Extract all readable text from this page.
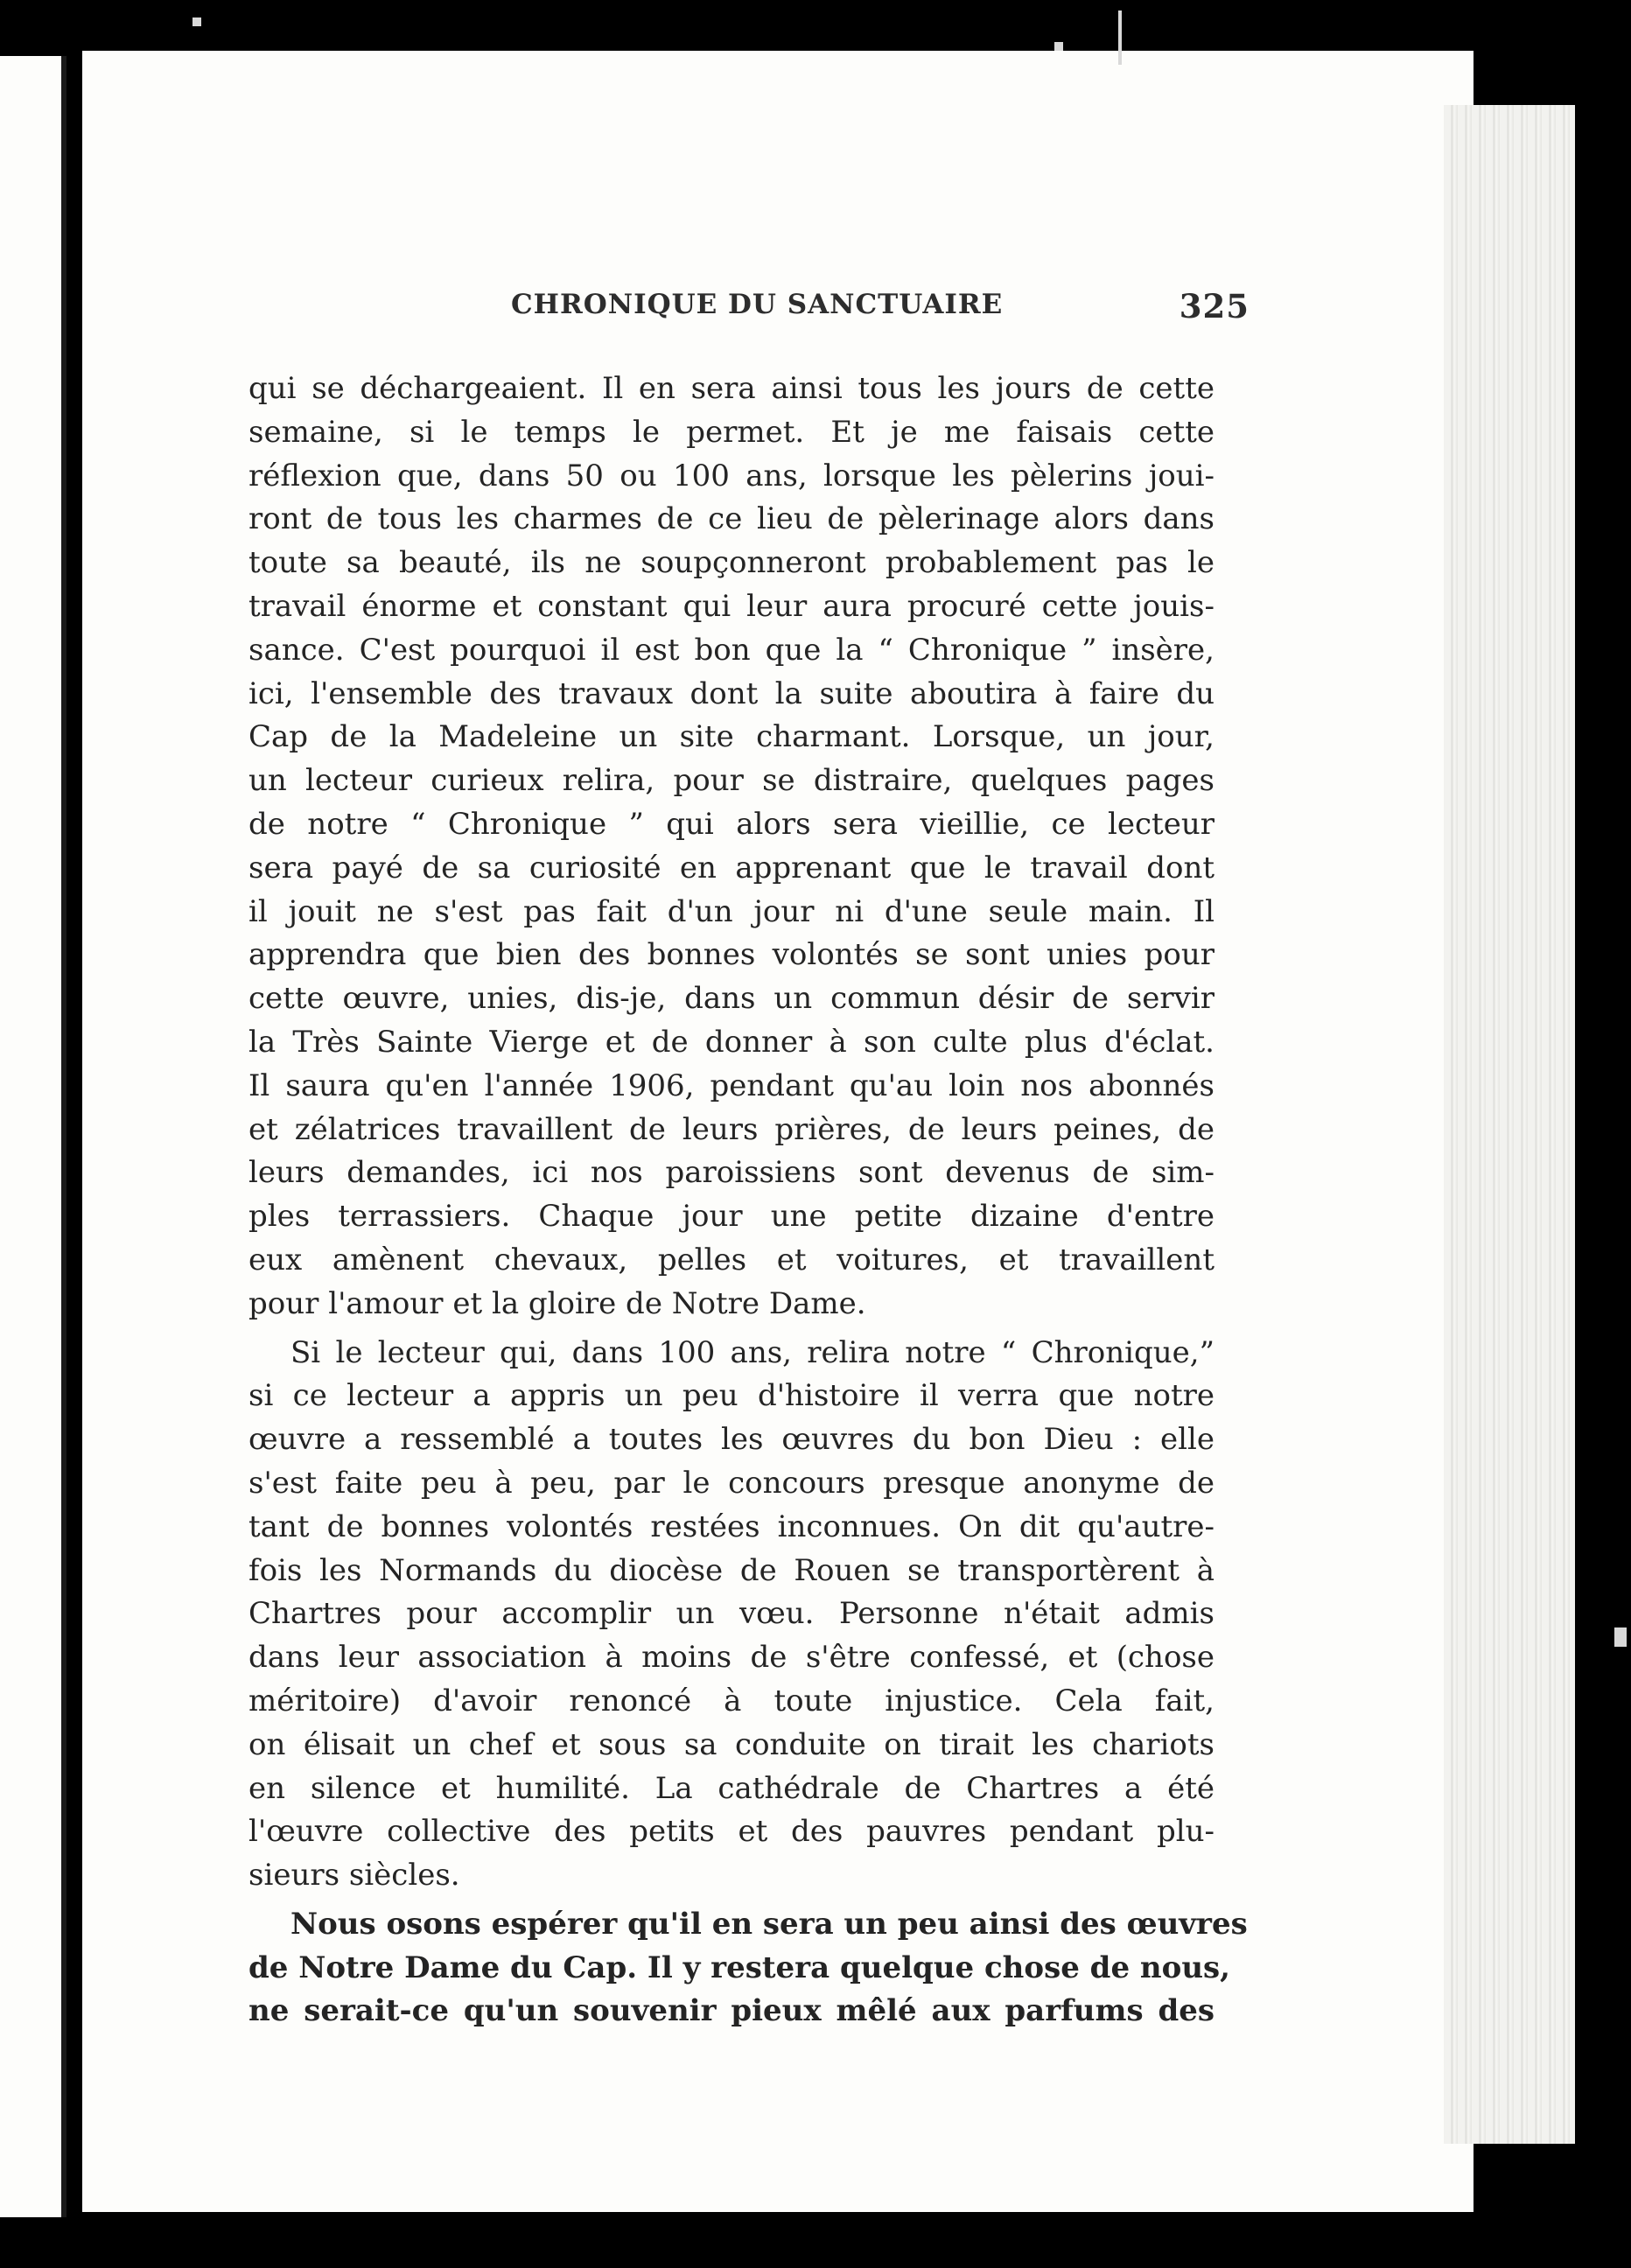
CHRONIQUE DU SANCTUAIRE	325

qui se déchargeaient. Il en sera ainsi tous les jours de cette
semaine, si le temps le permet. Et je me faisais cette
réflexion que, dans 50 ou 100 ans, lorsque les pèlerins joui-
ront de tous les charmes de ce lieu de pèlerinage alors dans
toute sa beauté, ils ne soupçonneront probablement pas le
travail énorme et constant qui leur aura procuré cette jouis-
sance. C'est pourquoi il est bon que la “ Chronique ” insère,
ici, l'ensemble des travaux dont la suite aboutira à faire du
Cap de la Madeleine un site charmant. Lorsque, un jour,
un lecteur curieux relira, pour se distraire, quelques pages
de notre “ Chronique ” qui alors sera vieillie, ce lecteur
sera payé de sa curiosité en apprenant que le travail dont
il jouit ne s'est pas fait d'un jour ni d'une seule main. Il
apprendra que bien des bonnes volontés se sont unies pour
cette œuvre, unies, dis-je, dans un commun désir de servir
la Très Sainte Vierge et de donner à son culte plus d'éclat.
Il saura qu'en l'année 1906, pendant qu'au loin nos abonnés
et zélatrices travaillent de leurs prières, de leurs peines, de
leurs demandes, ici nos paroissiens sont devenus de sim-
ples terrassiers. Chaque jour une petite dizaine d'entre
eux amènent chevaux, pelles et voitures, et travaillent
pour l'amour et la gloire de Notre Dame.

Si le lecteur qui, dans 100 ans, relira notre “ Chronique,”
si ce lecteur a appris un peu d'histoire il verra que notre
œuvre a ressemblé a toutes les œuvres du bon Dieu : elle
s'est faite peu à peu, par le concours presque anonyme de
tant de bonnes volontés restées inconnues. On dit qu'autre-
fois les Normands du diocèse de Rouen se transportèrent à
Chartres pour accomplir un vœu. Personne n'était admis
dans leur association à moins de s'être confessé, et (chose
méritoire) d'avoir renoncé à toute injustice. Cela fait,
on élisait un chef et sous sa conduite on tirait les chariots
en silence et humilité. La cathédrale de Chartres a été
l'œuvre collective des petits et des pauvres pendant plu-
sieurs siècles.

Nous osons espérer qu'il en sera un peu ainsi des œuvres
de Notre Dame du Cap. Il y restera quelque chose de nous,
ne serait-ce qu'un souvenir pieux mêlé aux parfums des
